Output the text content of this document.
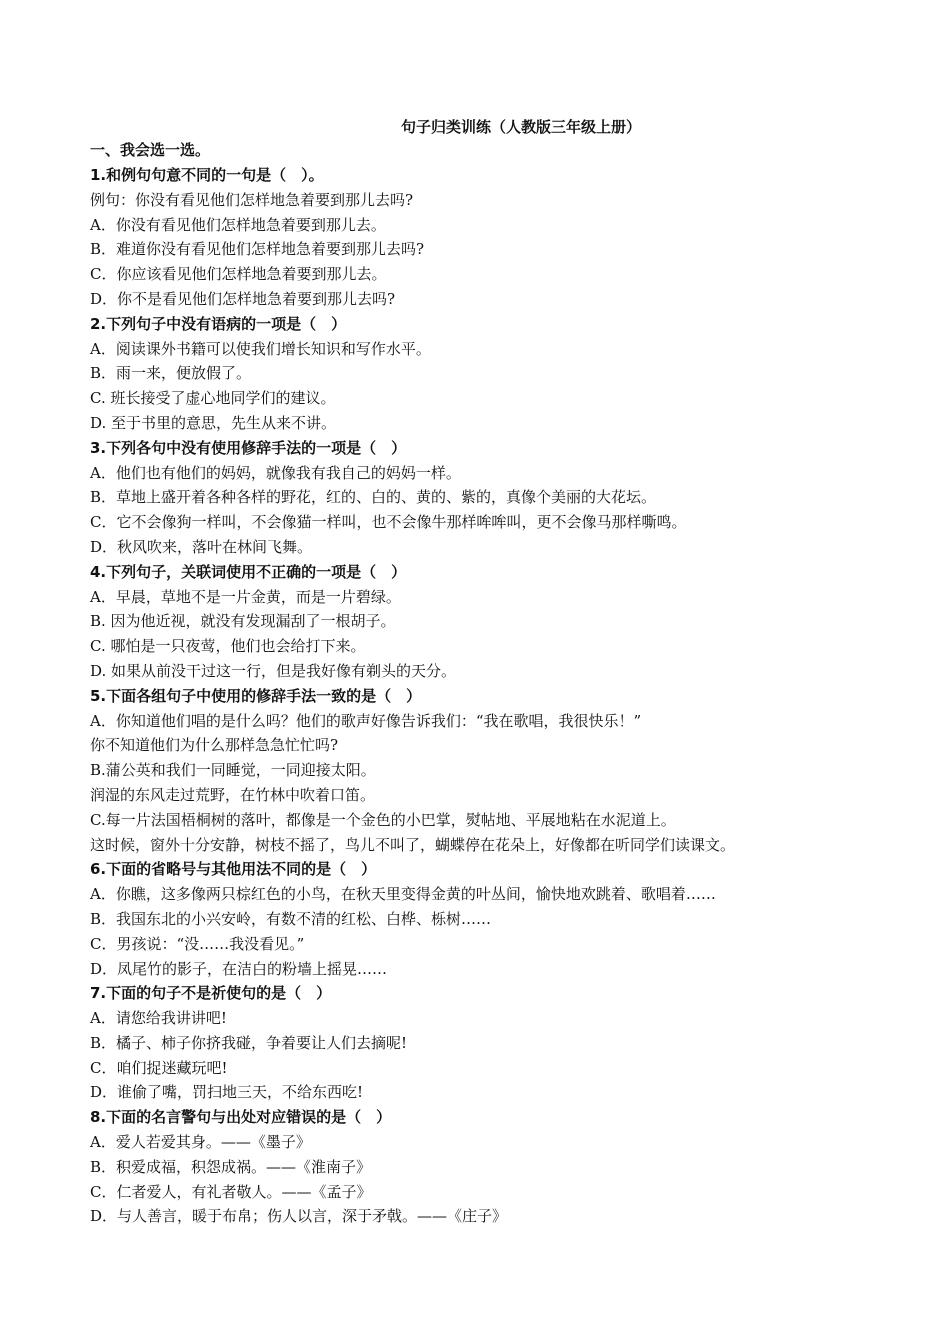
句子归类训练（人教版三年级上册）
一、我会选一选。
1.和例句句意不同的一句是（　）。
例句：你没有看见他们怎样地急着要到那儿去吗?
A．你没有看见他们怎样地急着要到那儿去。
B．难道你没有看见他们怎样地急着要到那儿去吗?
C．你应该看见他们怎样地急着要到那儿去。
D．你不是看见他们怎样地急着要到那儿去吗?
2.下列句子中没有语病的一项是（　）
A．阅读课外书籍可以使我们增长知识和写作水平。
B．雨一来，便放假了。
C. 班长接受了虚心地同学们的建议。
D. 至于书里的意思，先生从来不讲。
3.下列各句中没有使用修辞手法的一项是（　）
A．他们也有他们的妈妈，就像我有我自己的妈妈一样。
B．草地上盛开着各种各样的野花，红的、白的、黄的、紫的，真像个美丽的大花坛。
C．它不会像狗一样叫，不会像猫一样叫，也不会像牛那样哞哞叫，更不会像马那样嘶鸣。
D．秋风吹来，落叶在林间飞舞。
4.下列句子，关联词使用不正确的一项是（　）
A．早晨，草地不是一片金黄，而是一片碧绿。
B. 因为他近视，就没有发现漏刮了一根胡子。
C. 哪怕是一只夜莺，他们也会给打下来。
D. 如果从前没干过这一行，但是我好像有剃头的天分。
5.下面各组句子中使用的修辞手法一致的是（　）
A．你知道他们唱的是什么吗？他们的歌声好像告诉我们：“我在歌唱，我很快乐！”
你不知道他们为什么那样急急忙忙吗?
B.蒲公英和我们一同睡觉，一同迎接太阳。
润湿的东风走过荒野，在竹林中吹着口笛。
C.每一片法国梧桐树的落叶，都像是一个金色的小巴掌，熨帖地、平展地粘在水泥道上。
这时候，窗外十分安静，树枝不摇了，鸟儿不叫了，蝴蝶停在花朵上，好像都在听同学们读课文。
6.下面的省略号与其他用法不同的是（　）
A．你瞧，这多像两只棕红色的小鸟，在秋天里变得金黄的叶丛间，愉快地欢跳着、歌唱着……
B．我国东北的小兴安岭，有数不清的红松、白桦、栎树……
C．男孩说：“没……我没看见。”
D．凤尾竹的影子，在洁白的粉墙上摇晃……
7.下面的句子不是祈使句的是（　）
A．请您给我讲讲吧!
B．橘子、柿子你挤我碰，争着要让人们去摘呢!
C．咱们捉迷藏玩吧!
D．谁偷了嘴，罚扫地三天，不给东西吃!
8.下面的名言警句与出处对应错误的是（　）
A．爱人若爱其身。——《墨子》
B．积爱成福，积怨成祸。——《淮南子》
C．仁者爱人，有礼者敬人。——《孟子》
D．与人善言，暖于布帛；伤人以言，深于矛戟。——《庄子》
